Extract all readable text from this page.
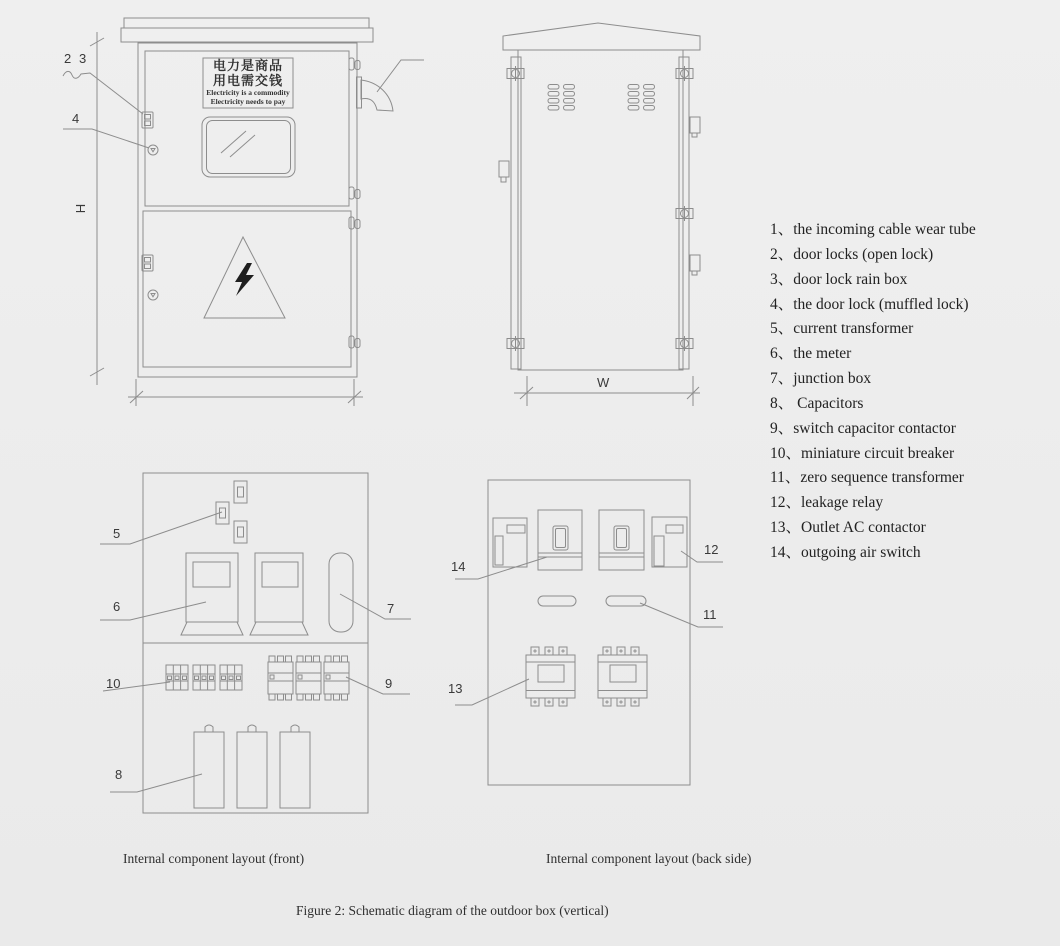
电力是商品
用电需交钱
Electricity is a commodity
Electricity needs to pay
2 3
4
H
W
5
6	7
10	9
8
14
12
11
13
1、the incoming cable wear tube
2、door locks (open lock)
3、door lock rain box
4、the door lock (muffled lock)
5、current transformer
6、the meter
7、junction box
8、 Capacitors
9、switch capacitor contactor
10、miniature circuit breaker
11、zero sequence transformer
12、leakage relay
13、Outlet AC contactor
14、outgoing air switch
Internal component layout (front)	Internal component layout (back side)
Figure 2: Schematic diagram of the outdoor box (vertical)
